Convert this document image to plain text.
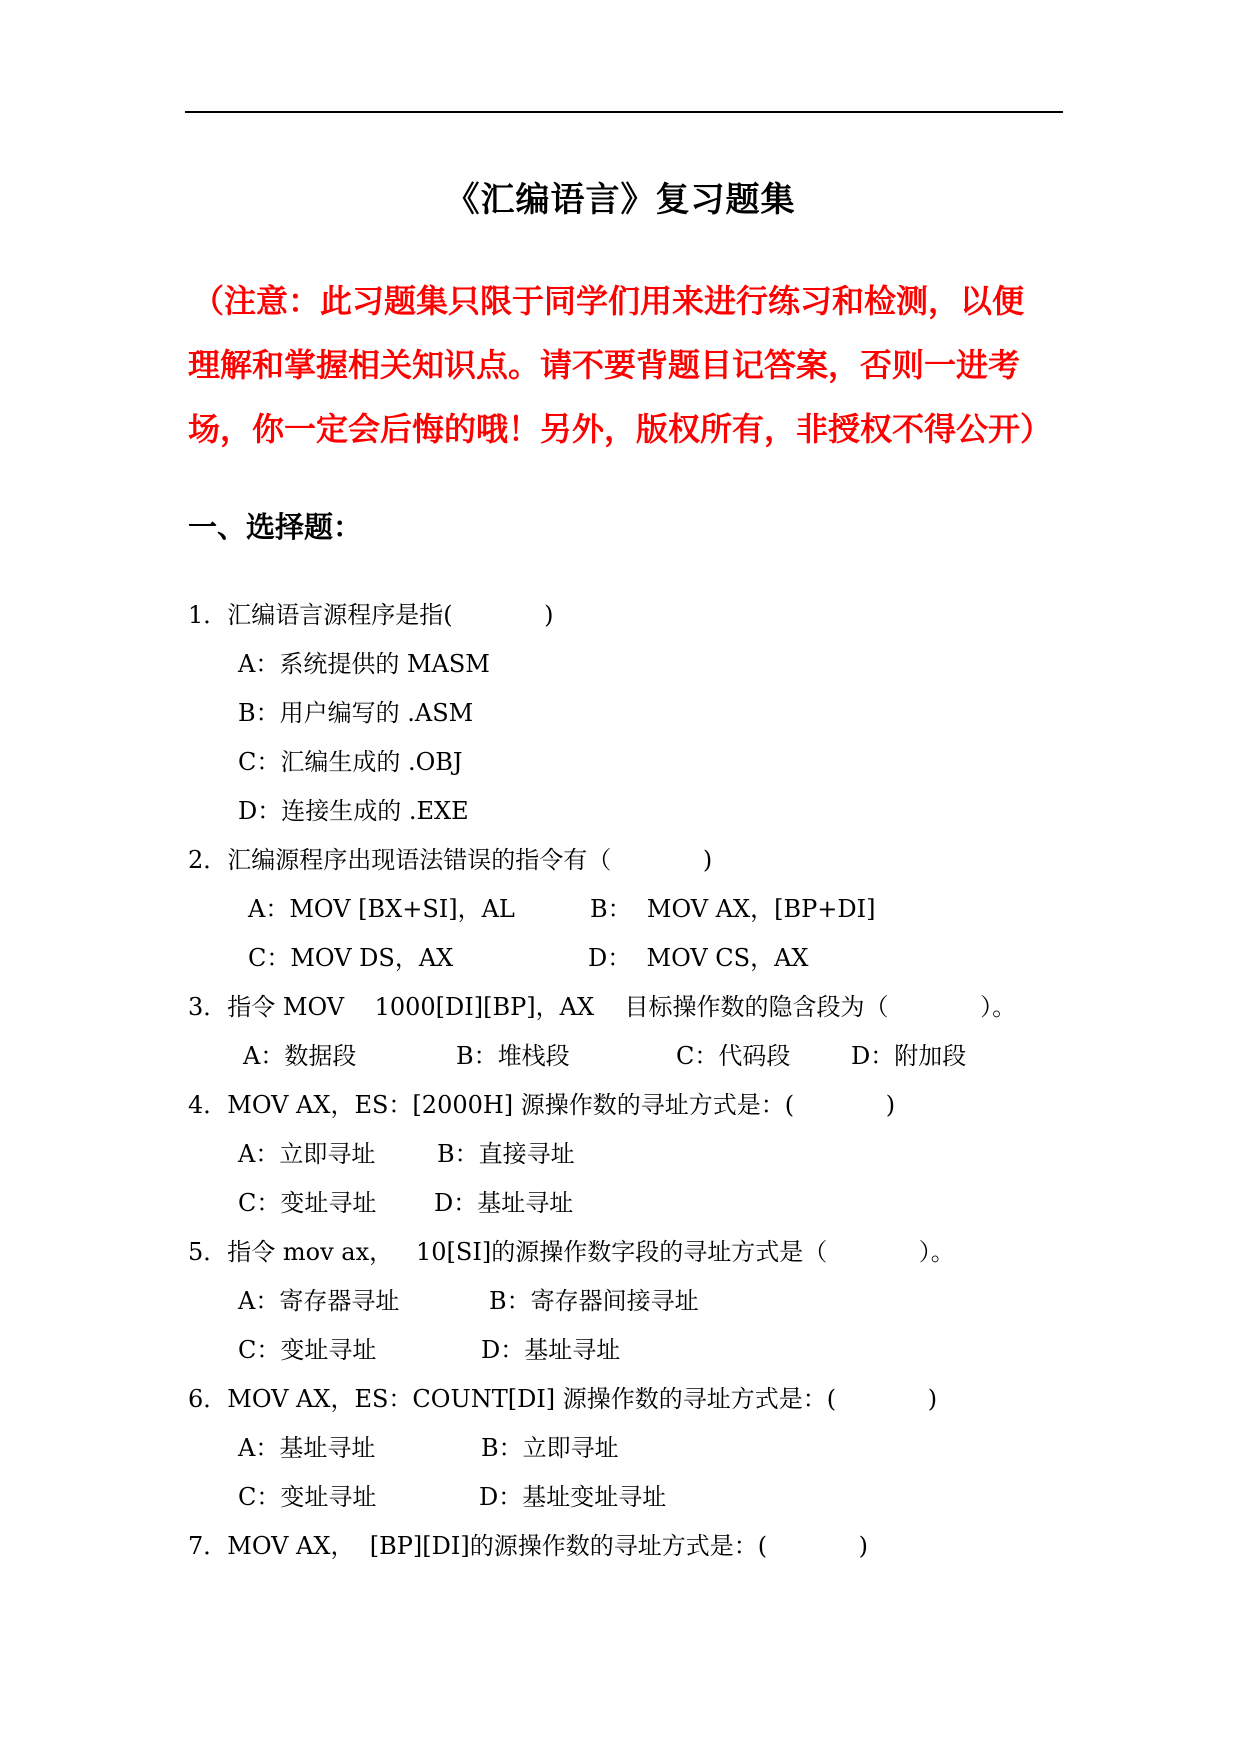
《汇编语言》复习题集
（注意：此习题集只限于同学们用来进行练习和检测，以便
理解和掌握相关知识点。请不要背题目记答案，否则一进考
场，你一定会后悔的哦！另外，版权所有，非授权不得公开）
一、选择题：
1．汇编语言源程序是指(            )
A：系统提供的 MASM
B：用户编写的 .ASM
C：汇编生成的 .OBJ
D：连接生成的 .EXE
2．汇编源程序出现语法错误的指令有（            )
A：MOV [BX+SI]，AL	B：  MOV AX，[BP+DI]
C：MOV DS，AX	D：  MOV CS，AX
3．指令 MOV    1000[DI][BP]，AX    目标操作数的隐含段为（            ）。
A：数据段	B：堆栈段	C：代码段	D：附加段
4．MOV AX，ES：[2000H] 源操作数的寻址方式是：(            )
A：立即寻址	B：直接寻址
C：变址寻址 D：基址寻址
5．指令 mov ax，   10[SI]的源操作数字段的寻址方式是（            ）。
A：寄存器寻址	B：寄存器间接寻址
C：变址寻址	D：基址寻址
6．MOV AX，ES：COUNT[DI] 源操作数的寻址方式是：(            )
A：基址寻址	B：立即寻址
C：变址寻址	D：基址变址寻址
7．MOV AX，  [BP][DI]的源操作数的寻址方式是：(            )
